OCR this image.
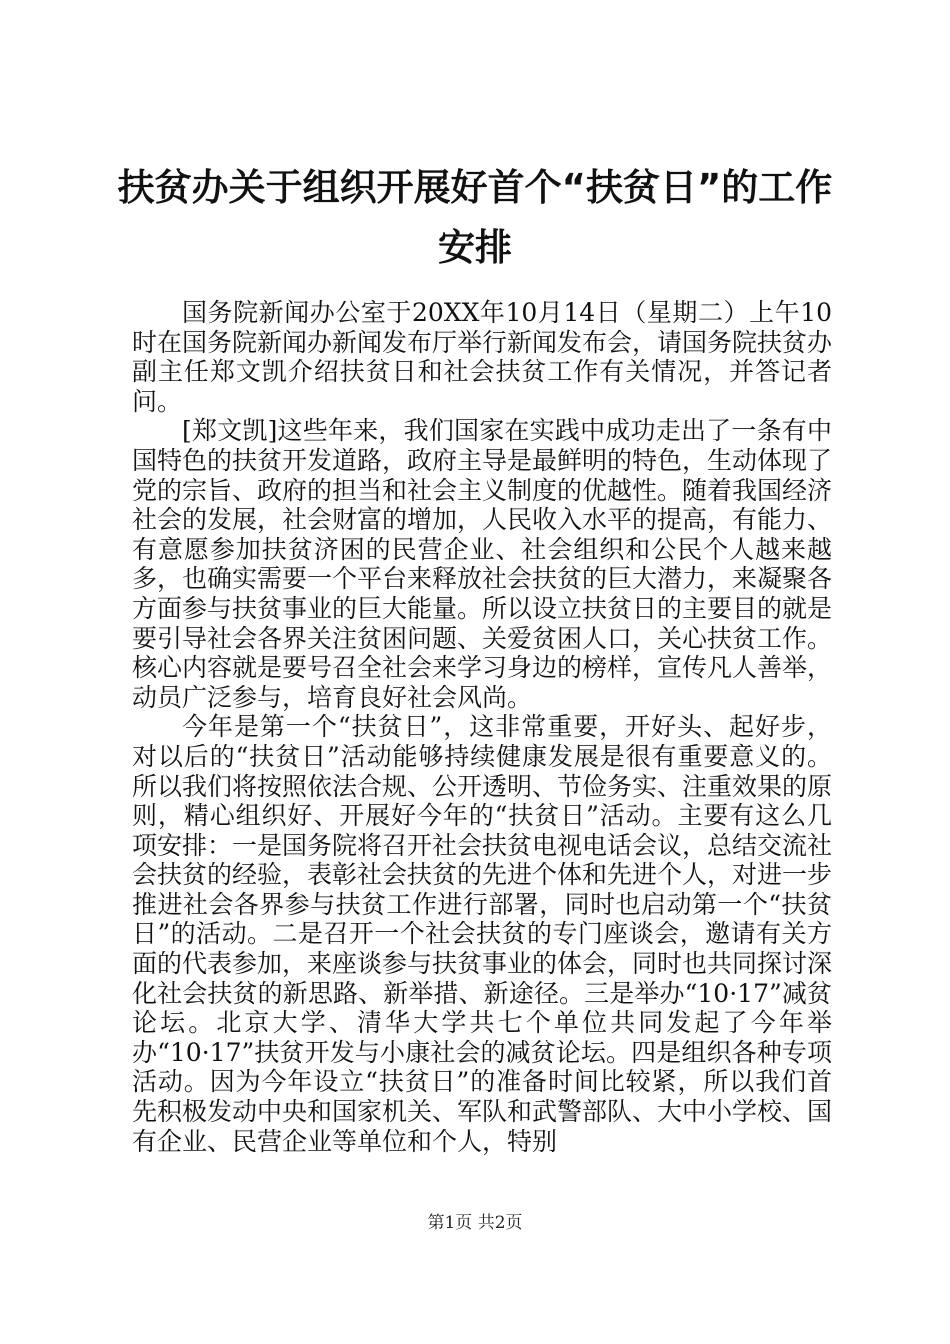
扶贫办关于组织开展好首个“扶贫日”的工作安排

国务院新闻办公室于20XX年10月14日（星期二）上午10时在国务院新闻办新闻发布厅举行新闻发布会，请国务院扶贫办副主任郑文凯介绍扶贫日和社会扶贫工作有关情况，并答记者问。

[郑文凯]这些年来，我们国家在实践中成功走出了一条有中国特色的扶贫开发道路，政府主导是最鲜明的特色，生动体现了党的宗旨、政府的担当和社会主义制度的优越性。随着我国经济社会的发展，社会财富的增加，人民收入水平的提高，有能力、有意愿参加扶贫济困的民营企业、社会组织和公民个人越来越多，也确实需要一个平台来释放社会扶贫的巨大潜力，来凝聚各方面参与扶贫事业的巨大能量。所以设立扶贫日的主要目的就是要引导社会各界关注贫困问题、关爱贫困人口，关心扶贫工作。核心内容就是要号召全社会来学习身边的榜样，宣传凡人善举，动员广泛参与，培育良好社会风尚。

今年是第一个“扶贫日”，这非常重要，开好头、起好步，对以后的“扶贫日”活动能够持续健康发展是很有重要意义的。所以我们将按照依法合规、公开透明、节俭务实、注重效果的原则，精心组织好、开展好今年的“扶贫日”活动。主要有这么几项安排：一是国务院将召开社会扶贫电视电话会议，总结交流社会扶贫的经验，表彰社会扶贫的先进个体和先进个人，对进一步推进社会各界参与扶贫工作进行部署，同时也启动第一个“扶贫日”的活动。二是召开一个社会扶贫的专门座谈会，邀请有关方面的代表参加，来座谈参与扶贫事业的体会，同时也共同探讨深化社会扶贫的新思路、新举措、新途径。三是举办“10·17”减贫论坛。北京大学、清华大学共七个单位共同发起了今年举办“10·17”扶贫开发与小康社会的减贫论坛。四是组织各种专项活动。因为今年设立“扶贫日”的准备时间比较紧，所以我们首先积极发动中央和国家机关、军队和武警部队、大中小学校、国有企业、民营企业等单位和个人，特别

第1页 共2页
